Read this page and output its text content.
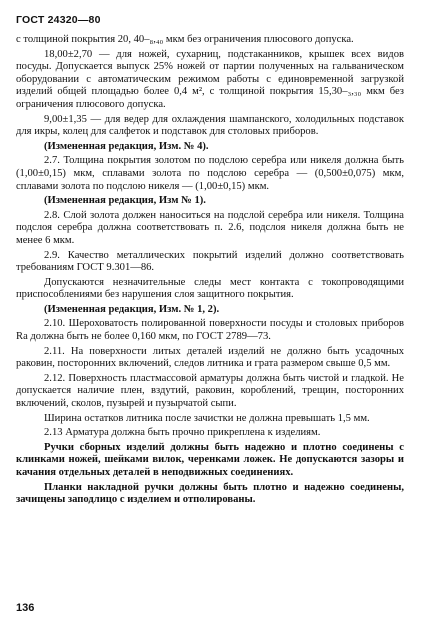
ГОСТ 24320—80

с толщиной покрытия 20, 40–₈,₄₀ мкм без ограничения плюсового допуска.

18,00±2,70 — для ножей, сухарниц, подстаканников, крышек всех видов посуды. Допускается выпуск 25% ножей от партии полученных на гальваническом оборудовании с автоматическим режимом работы с единовременной загрузкой изделий общей площадью более 0,4 м², с толщиной покрытия 15,30–₃,₃₀ мкм без ограничения плюсового допуска.

9,00±1,35 — для ведер для охлаждения шампанского, холодильных подставок для икры, колец для салфеток и подставок для столовых приборов.

(Измененная редакция, Изм. № 4).

2.7. Толщина покрытия золотом по подслою серебра или никеля должна быть (1,00±0,15) мкм, сплавами золота по подслою серебра — (0,500±0,075) мкм, сплавами золота по подслою никеля — (1,00±0,15) мкм.

(Измененная редакция, Изм № 1).

2.8. Слой золота должен наноситься на подслой серебра или никеля. Толщина подслоя серебра должна соответствовать п. 2.6, подслоя никеля должна быть не менее 6 мкм.

2.9. Качество металлических покрытий изделий должно соответствовать требованиям ГОСТ 9.301—86.

Допускаются незначительные следы мест контакта с токопроводящими приспособлениями без нарушения слоя защитного покрытия.

(Измененная редакция, Изм. № 1, 2).

2.10. Шероховатость полированной поверхности посуды и столовых приборов Ra должна быть не более 0,160 мкм, по ГОСТ 2789—73.

2.11. На поверхности литых деталей изделий не должно быть усадочных раковин, посторонних включений, следов литника и грата размером свыше 0,5 мм.

2.12. Поверхность пластмассовой арматуры должна быть чистой и гладкой. Не допускается наличие плен, вздутий, раковин, короблений, трещин, посторонних включений, сколов, пузырей и пузырчатой сыпи.

Ширина остатков литника после зачистки не должна превышать 1,5 мм.

2.13 Арматура должна быть прочно прикреплена к изделиям.

Ручки сборных изделий должны быть надежно и плотно соединены с клинками ножей, шейками вилок, черенками ложек. Не допускаются зазоры и качания отдельных деталей в неподвижных соединениях.

Планки накладной ручки должны быть плотно и надежно соединены, зачищены заподлицо с изделием и отполированы.

136
